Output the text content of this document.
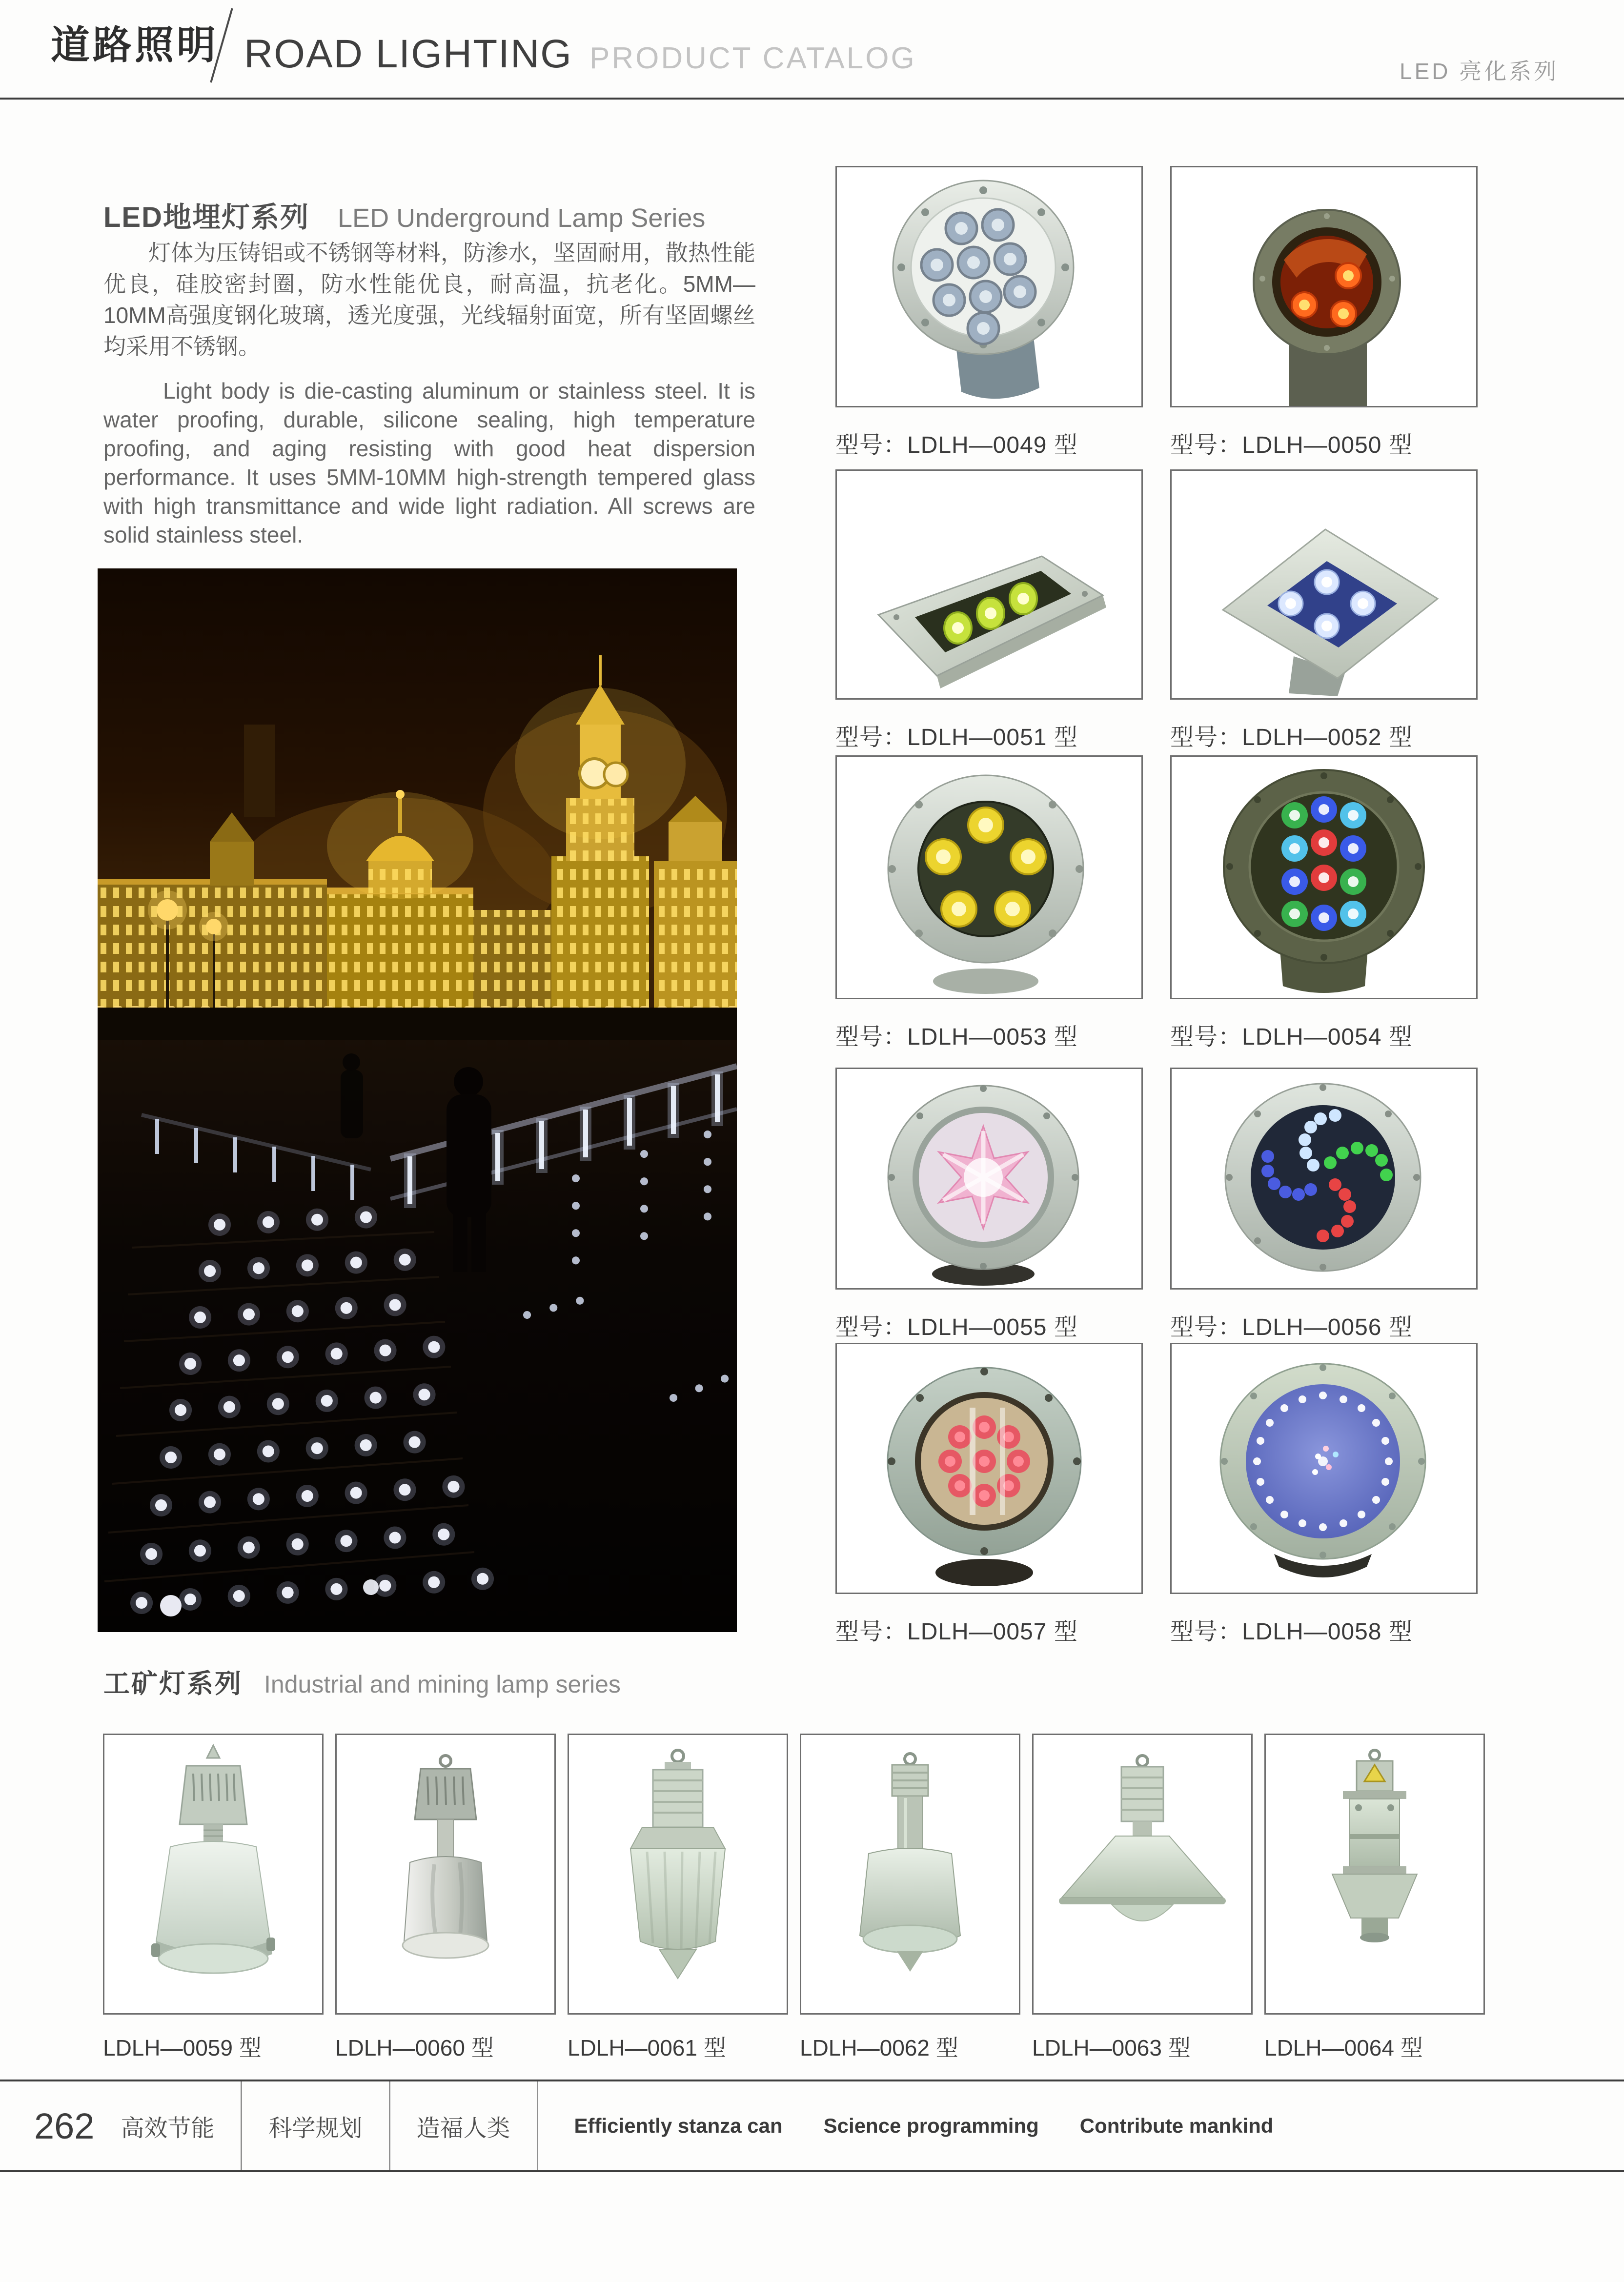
道路照明 ROAD LIGHTING PRODUCT CATALOG	LED 亮化系列
LED地埋灯系列 LED Underground Lamp Series
灯体为压铸铝或不锈钢等材料，防渗水，坚固耐用，散热性能优良，硅胶密封圈，防水性能优良，耐高温，抗老化。5MM—10MM高强度钢化玻璃，透光度强，光线辐射面宽，所有坚固螺丝均采用不锈钢。
Light body is die-casting aluminum or stainless steel. It is water proofing, durable, silicone sealing, high temperature proofing, and aging resisting with good heat dispersion performance. It uses 5MM-10MM high-strength tempered glass with high transmittance and wide light radiation. All screws are solid stainless steel.
型号：LDLH—0049 型	型号：LDLH—0050 型
型号：LDLH—0051 型	型号：LDLH—0052 型
型号：LDLH—0053 型	型号：LDLH—0054 型
型号：LDLH—0055 型	型号：LDLH—0056 型
型号：LDLH—0057 型	型号：LDLH—0058 型
工矿灯系列 Industrial and mining lamp series
LDLH—0059 型	LDLH—0060 型	LDLH—0061 型	LDLH—0062 型	LDLH—0063 型	LDLH—0064 型
262	高效节能	科学规划	造福人类	Efficiently stanza can Science programming Contribute mankind
